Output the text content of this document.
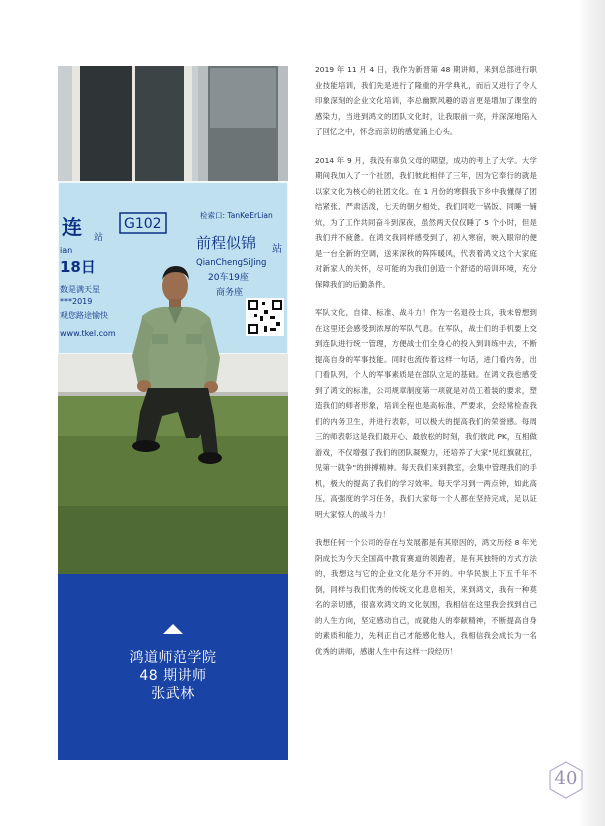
连 站
G102
ian
18日
数是满天星
***2019
观您路途愉快
www.tkel.com
检索口: TanKeErLian
前程似锦 站
QianChengSiJing
20车19座
商务座
鸿道师范学院
48 期讲师
张武林

2019 年 11 月 4 日，我作为新晋第 48 期讲师，来到总部进行职业技能培训，我们先是进行了隆重的开学典礼，而后又进行了令人印象深刻的企业文化培训，李总幽默风趣的语言更是增加了课堂的感染力，当进到鸿文的团队文化时，让我眼前一亮，并深深地陷入了回忆之中，怀念而亲切的感觉涌上心头。

2014 年 9 月，我没有辜负父母的期望，成功的考上了大学。大学期间我加入了一个社团，我们彼此相伴了三年，因为它奉行的就是以家文化为核心的社团文化。在 1 月份的寒假我下乡中我懂得了团结紧张、严肃活泼，七天的朝夕相处，我们同吃一锅饭、同睡一铺炕，为了工作共同奋斗到深夜，虽然两天仅仅睡了 5 个小时，但是我们并不疲惫。在鸿文我同样感受到了，初入寒宿，映入眼帘的便是一台全新的空调，送来深秋的阵阵暖风，代表着鸿文这个大家庭对新家人的关怀，尽可能的为我们创造一个舒适的培训环境，充分保障我们的后勤条件。

军队文化，自律、标准、战斗力！作为一名退役士兵，我未曾想到在这里还会感受到浓厚的军队气息。在军队，战士们的手机要上交到连队进行统一管理，方便战士们全身心的投入到训练中去，不断提高自身的军事技能。同时也流传着这样一句话，进门看内务，出门看队列，个人的军事素质是在部队立足的基础。在鸿文我也感受到了鸿文的标准，公司规章制度第一项就是对员工着装的要求，塑造我们的师者形象，培训全程也是高标准、严要求，会经常检查我们的内务卫生，并进行表彰，可以极大的提高我们的荣誉感。每周三的师表彰这是我们最开心、最放松的时刻，我们彼此 PK，互相做游戏，不仅增强了我们的团队凝聚力，还培养了大家"见红旗就扛，见第一就争"的拼搏精神。每天我们来到教室，会集中管理我们的手机，极大的提高了我们的学习效率。每天学习到一两点钟，如此高压，高强度的学习任务，我们大家每一个人都在坚持完成，足以证明大家惊人的战斗力！

我想任何一个公司的存在与发展都是有其原因的，鸿文历经 8 年光阴成长为今天全国高中教育赛道的领跑者，是有其独特的方式方法的，我想这与它的企业文化是分不开的。中华民族上下五千年不倒，同样与我们优秀的传统文化息息相关，来到鸿文，我有一种莫名的亲切感，很喜欢鸿文的文化氛围，我相信在这里我会找到自己的人生方向，坚定感动自己，成就他人的奉献精神，不断提高自身的素质和能力，先利正自己才能感化他人，我相信我会成长为一名优秀的讲师，感谢人生中有这样一段经历！

40
